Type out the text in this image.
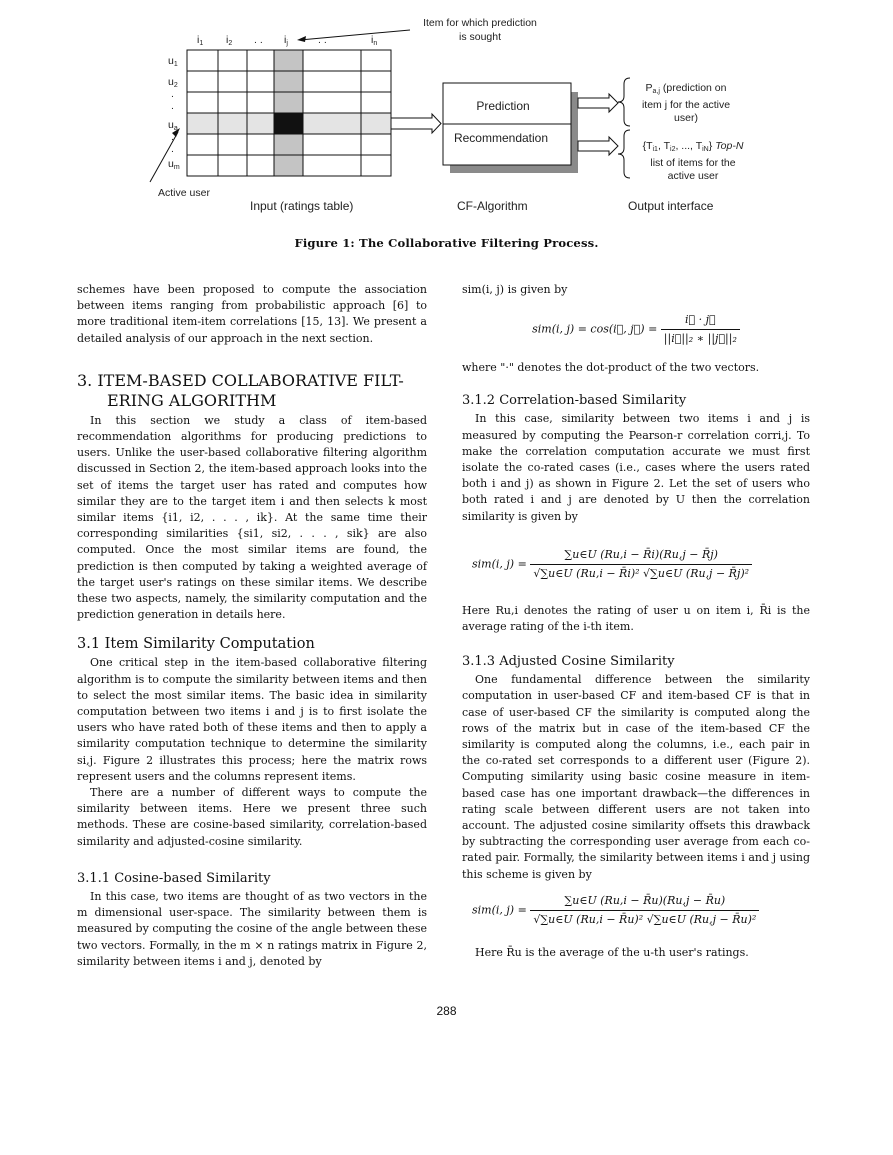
$i_1$ $i_2$ . . $i_j$	. .	$i_n$
$u_1$
$u_2$
.
.
$u_a$
.
.
$u_m$
Item for which prediction
is sought
Active user
Prediction
Recommendation
$P_{a,j}$ (prediction on
item j for the active
user)
{$T_{i1}$, $T_{i2}$, ..., $T_{iN}$} Top-N
list of items for the
active user
Input (ratings table)	CF-Algorithm	Output interface
Figure 1: The Collaborative Filtering Process.

schemes have been proposed to compute the association between items ranging from probabilistic approach [6] to more traditional item-item correlations [15, 13]. We present a detailed analysis of our approach in the next section.

3. ITEM-BASED COLLABORATIVE FILT-
ERING ALGORITHM

In this section we study a class of item-based recommendation algorithms for producing predictions to users. Unlike the user-based collaborative filtering algorithm discussed in Section 2, the item-based approach looks into the set of items the target user has rated and computes how similar they are to the target item i and then selects k most similar items {i1, i2, . . . , ik}. At the same time their corresponding similarities {si1, si2, . . . , sik} are also computed. Once the most similar items are found, the prediction is then computed by taking a weighted average of the target user's ratings on these similar items. We describe these two aspects, namely, the similarity computation and the prediction generation in details here.

3.1 Item Similarity Computation

One critical step in the item-based collaborative filtering algorithm is to compute the similarity between items and then to select the most similar items. The basic idea in similarity computation between two items i and j is to first isolate the users who have rated both of these items and then to apply a similarity computation technique to determine the similarity si,j. Figure 2 illustrates this process; here the matrix rows represent users and the columns represent items.

There are a number of different ways to compute the similarity between items. Here we present three such methods. These are cosine-based similarity, correlation-based similarity and adjusted-cosine similarity.

3.1.1 Cosine-based Similarity

In this case, two items are thought of as two vectors in the m dimensional user-space. The similarity between them is measured by computing the cosine of the angle between these two vectors. Formally, in the m × n ratings matrix in Figure 2, similarity between items i and j, denoted by

sim(i, j) is given by

sim(i, j) = cos(i⃗, j⃗) = $\frac{i⃗ \cdot j⃗}{\text{||i⃗||₂ ∗ ||j⃗||₂}}$

where "·" denotes the dot-product of the two vectors.

3.1.2 Correlation-based Similarity

In this case, similarity between two items i and j is measured by computing the Pearson-r correlation corri,j. To make the correlation computation accurate we must first isolate the co-rated cases (i.e., cases where the users rated both i and j) as shown in Figure 2. Let the set of users who both rated i and j are denoted by U then the correlation similarity is given by

sim(i, $j) = \frac{\sum u\in U (Ru,i - R̄i)(Ru,j - R̄j)}{\text{√∑u∈U (Ru,i − R̄i)² √∑u∈U (Ru,j − R̄j)²}}$

Here Ru,i denotes the rating of user u on item i, R̄i is the average rating of the i-th item.

3.1.3 Adjusted Cosine Similarity

One fundamental difference between the similarity computation in user-based CF and item-based CF is that in case of user-based CF the similarity is computed along the rows of the matrix but in case of the item-based CF the similarity is computed along the columns, i.e., each pair in the co-rated set corresponds to a different user (Figure 2). Computing similarity using basic cosine measure in item-based case has one important drawback—the differences in rating scale between different users are not taken into account. The adjusted cosine similarity offsets this drawback by subtracting the corresponding user average from each co-rated pair. Formally, the similarity between items i and j using this scheme is given by

sim(i, $j) = \frac{\sum u\in U (Ru,i - R̄u)(Ru,j - R̄u)}{\text{√∑u∈U (Ru,i − R̄u)² √∑u∈U (Ru,j − R̄u)²}}$

Here R̄u is the average of the u-th user's ratings.

288
